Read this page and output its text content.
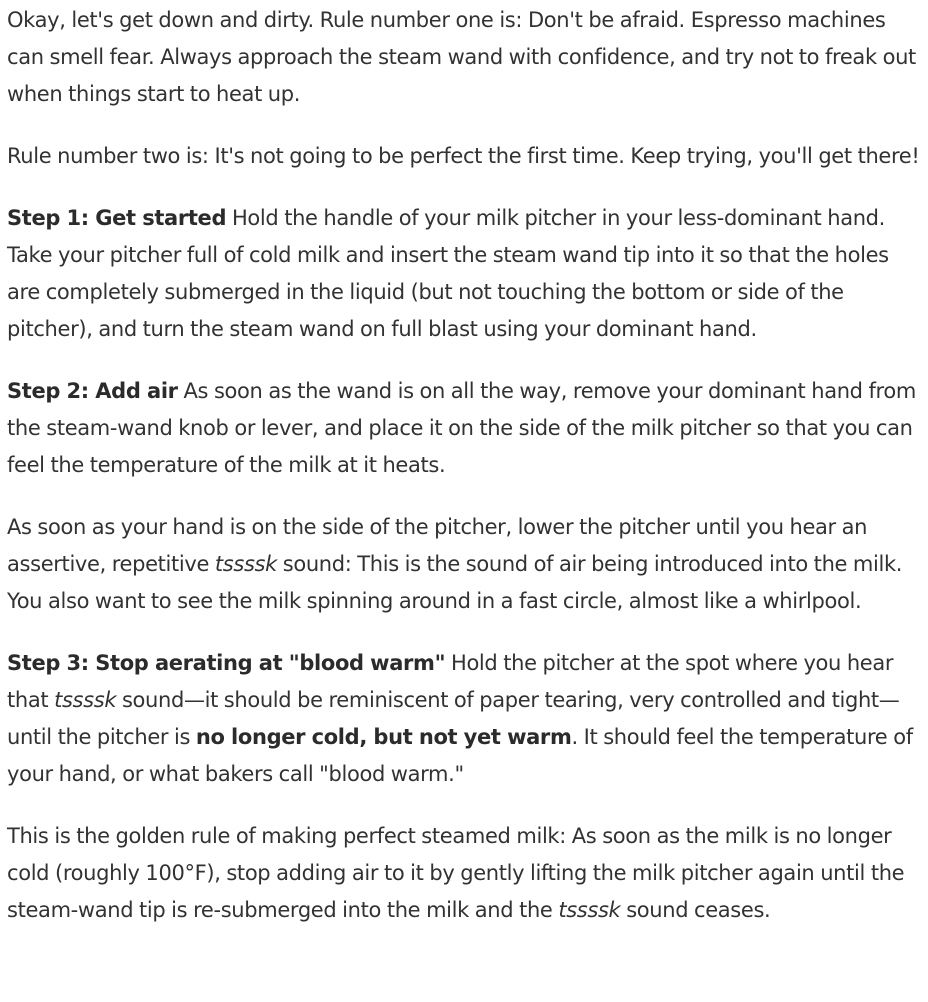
Okay, let's get down and dirty. Rule number one is: Don't be afraid. Espresso machines can smell fear. Always approach the steam wand with confidence, and try not to freak out when things start to heat up.

Rule number two is: It's not going to be perfect the first time. Keep trying, you'll get there!

Step 1: Get started Hold the handle of your milk pitcher in your less-dominant hand. Take your pitcher full of cold milk and insert the steam wand tip into it so that the holes are completely submerged in the liquid (but not touching the bottom or side of the pitcher), and turn the steam wand on full blast using your dominant hand.

Step 2: Add air As soon as the wand is on all the way, remove your dominant hand from the steam-wand knob or lever, and place it on the side of the milk pitcher so that you can feel the temperature of the milk at it heats.

As soon as your hand is on the side of the pitcher, lower the pitcher until you hear an assertive, repetitive tssssk sound: This is the sound of air being introduced into the milk. You also want to see the milk spinning around in a fast circle, almost like a whirlpool.

Step 3: Stop aerating at "blood warm" Hold the pitcher at the spot where you hear that tssssk sound—it should be reminiscent of paper tearing, very controlled and tight—until the pitcher is no longer cold, but not yet warm. It should feel the temperature of your hand, or what bakers call "blood warm."

This is the golden rule of making perfect steamed milk: As soon as the milk is no longer cold (roughly 100°F), stop adding air to it by gently lifting the milk pitcher again until the steam-wand tip is re-submerged into the milk and the tssssk sound ceases.
